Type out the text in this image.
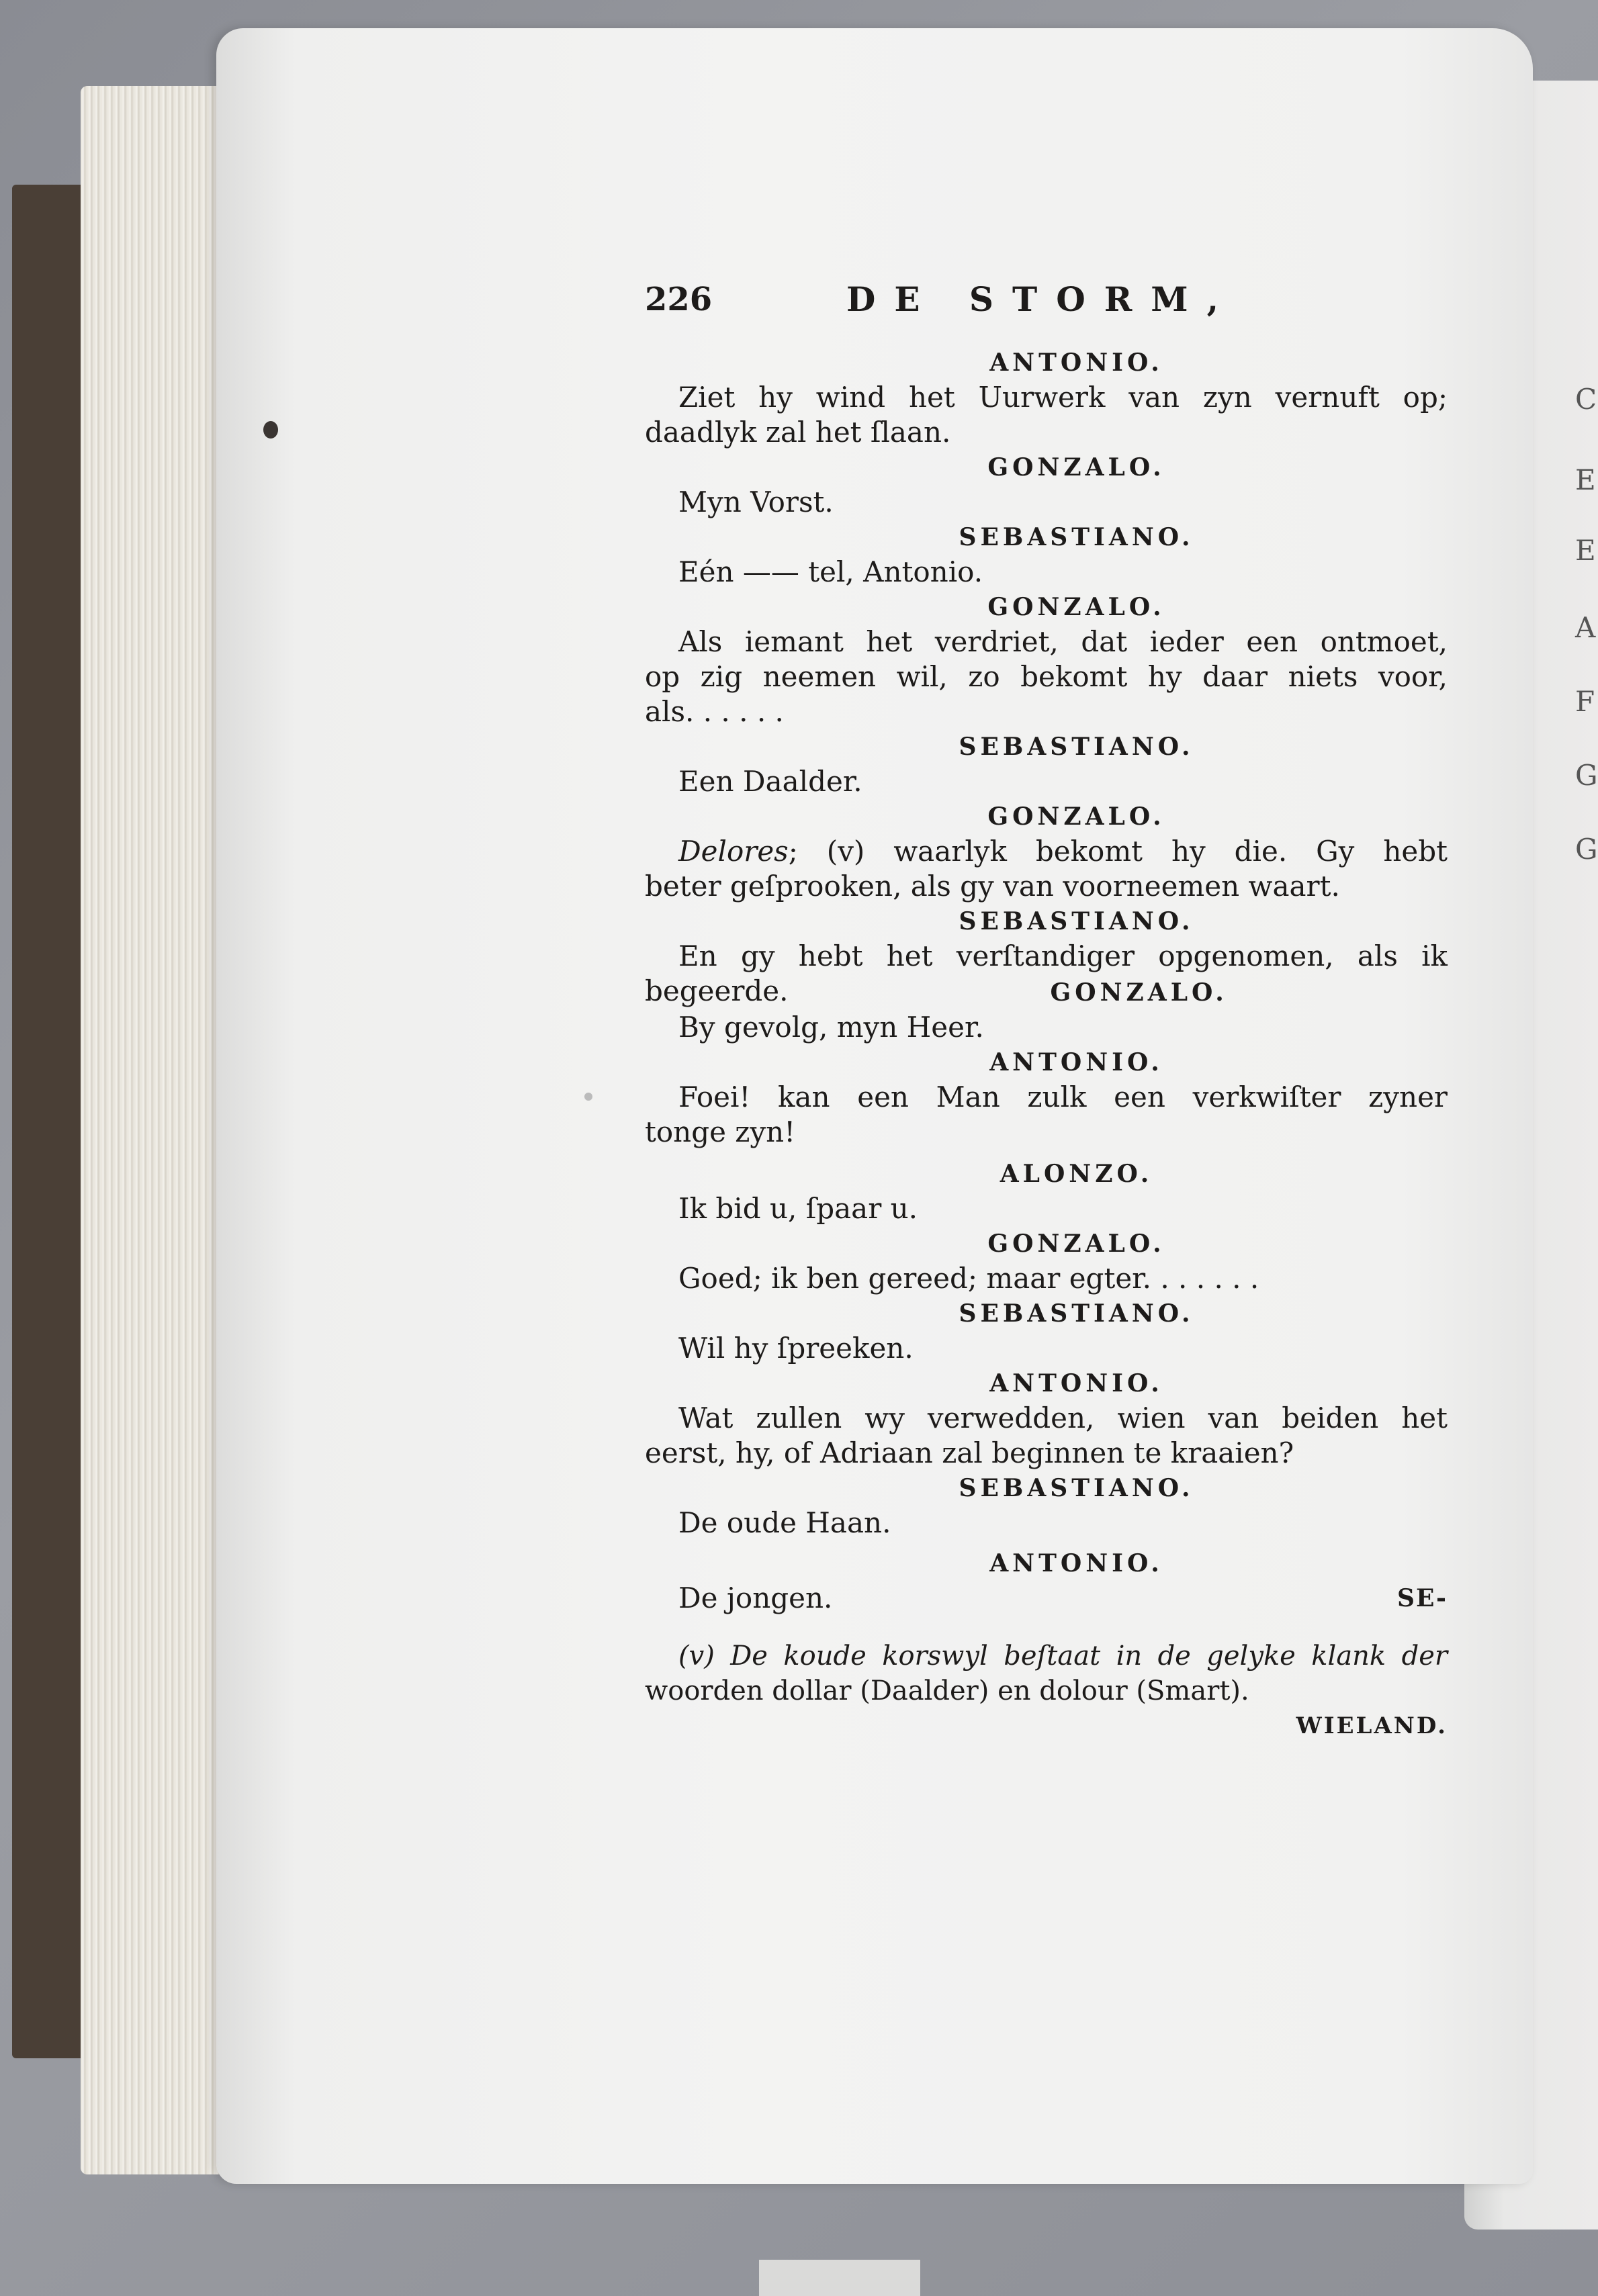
C
E
E
A
F
G
G
226	DE STORM,
ANTONIO.
Ziet hy wind het Uurwerk van zyn vernuft op;
daadlyk zal het ſlaan.
GONZALO.
Myn Vorst.
SEBASTIANO.
Eén —— tel, Antonio.
GONZALO.
Als iemant het verdriet, dat ieder een ontmoet,
op zig neemen wil, zo bekomt hy daar niets voor,
als. . . . . .
SEBASTIANO.
Een Daalder.
GONZALO.
Delores; (v) waarlyk bekomt hy die. Gy hebt
beter geſprooken, als gy van voorneemen waart.
SEBASTIANO.
En gy hebt het verſtandiger opgenomen, als ik
begeerde.	GONZALO.
By gevolg, myn Heer.
ANTONIO.
Foei! kan een Man zulk een verkwiſter zyner
tonge zyn!
ALONZO.
Ik bid u, ſpaar u.
GONZALO.
Goed; ik ben gereed; maar egter. . . . . . .
SEBASTIANO.
Wil hy ſpreeken.
ANTONIO.
Wat zullen wy verwedden, wien van beiden het
eerst, hy, of Adriaan zal beginnen te kraaien?
SEBASTIANO.
De oude Haan.
ANTONIO.
De jongen.	SE-
(v) De koude korswyl beſtaat in de gelyke klank der
woorden dollar (Daalder) en dolour (Smart).
WIELAND.
